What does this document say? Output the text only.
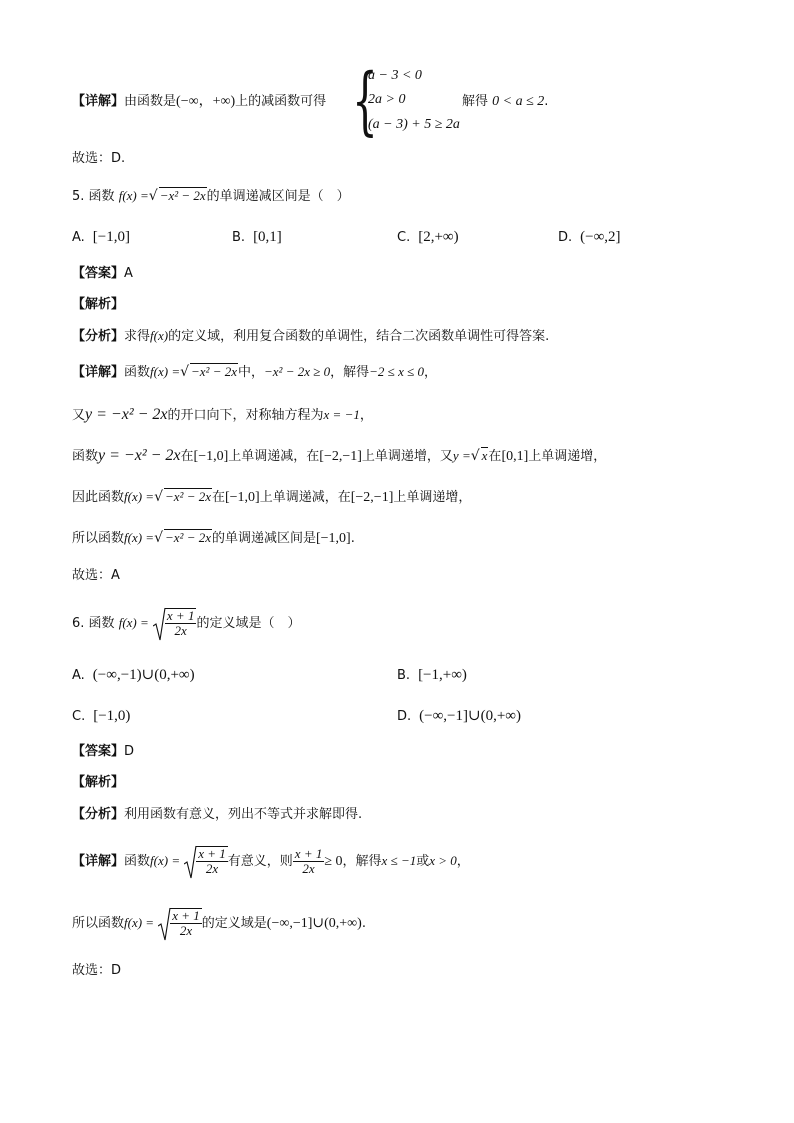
【详解】由函数是(−∞，+∞)上的减函数可得 {
a − 3 < 0
2a > 0
(a − 3) + 5 ≥ 2a
解得 0 < a ≤ 2.
故选：D.
5. 函数 f(x) =√ −x² − 2x的单调递减区间是（　）
A. [−1,0]	B. [0,1]	C. [2,+∞)	D. (−∞,2]
【答案】A
【解析】
【分析】求得f(x)的定义域，利用复合函数的单调性，结合二次函数单调性可得答案.
【详解】函数f(x) =√ −x² − 2x中，−x² − 2x ≥ 0，解得−2 ≤ x ≤ 0，
又y = −x² − 2x的开口向下，对称轴方程为x = −1，
函数y = −x² − 2x在[−1,0]上单调递减，在[−2,−1]上单调递增，又y =√ x在[0,1]上单调递增，
因此函数f(x) =√ −x² − 2x在[−1,0]上单调递减，在[−2,−1]上单调递增，
所以函数f(x) =√ −x² − 2x的单调递减区间是[−1,0].
故选：A
6. 函数 $f(x) = \frac{x + 1}{2x}$ 的定义域是（　）
A. (−∞,−1)∪(0,+∞)	B. [−1,+∞)
C. [−1,0)	D. (−∞,−1]∪(0,+∞)
【答案】D
【解析】
【分析】利用函数有意义，列出不等式并求解即得.
【详解】函数$f(x) = \frac{x + 1}{2x}$ 有意义，则 $\frac{x + 1}{2x} \ge 0$，解得x ≤ −1或x > 0，
所以函数$f(x) = \frac{x + 1}{2x}$ 的定义域是(−∞,−1]∪(0,+∞).
故选：D
